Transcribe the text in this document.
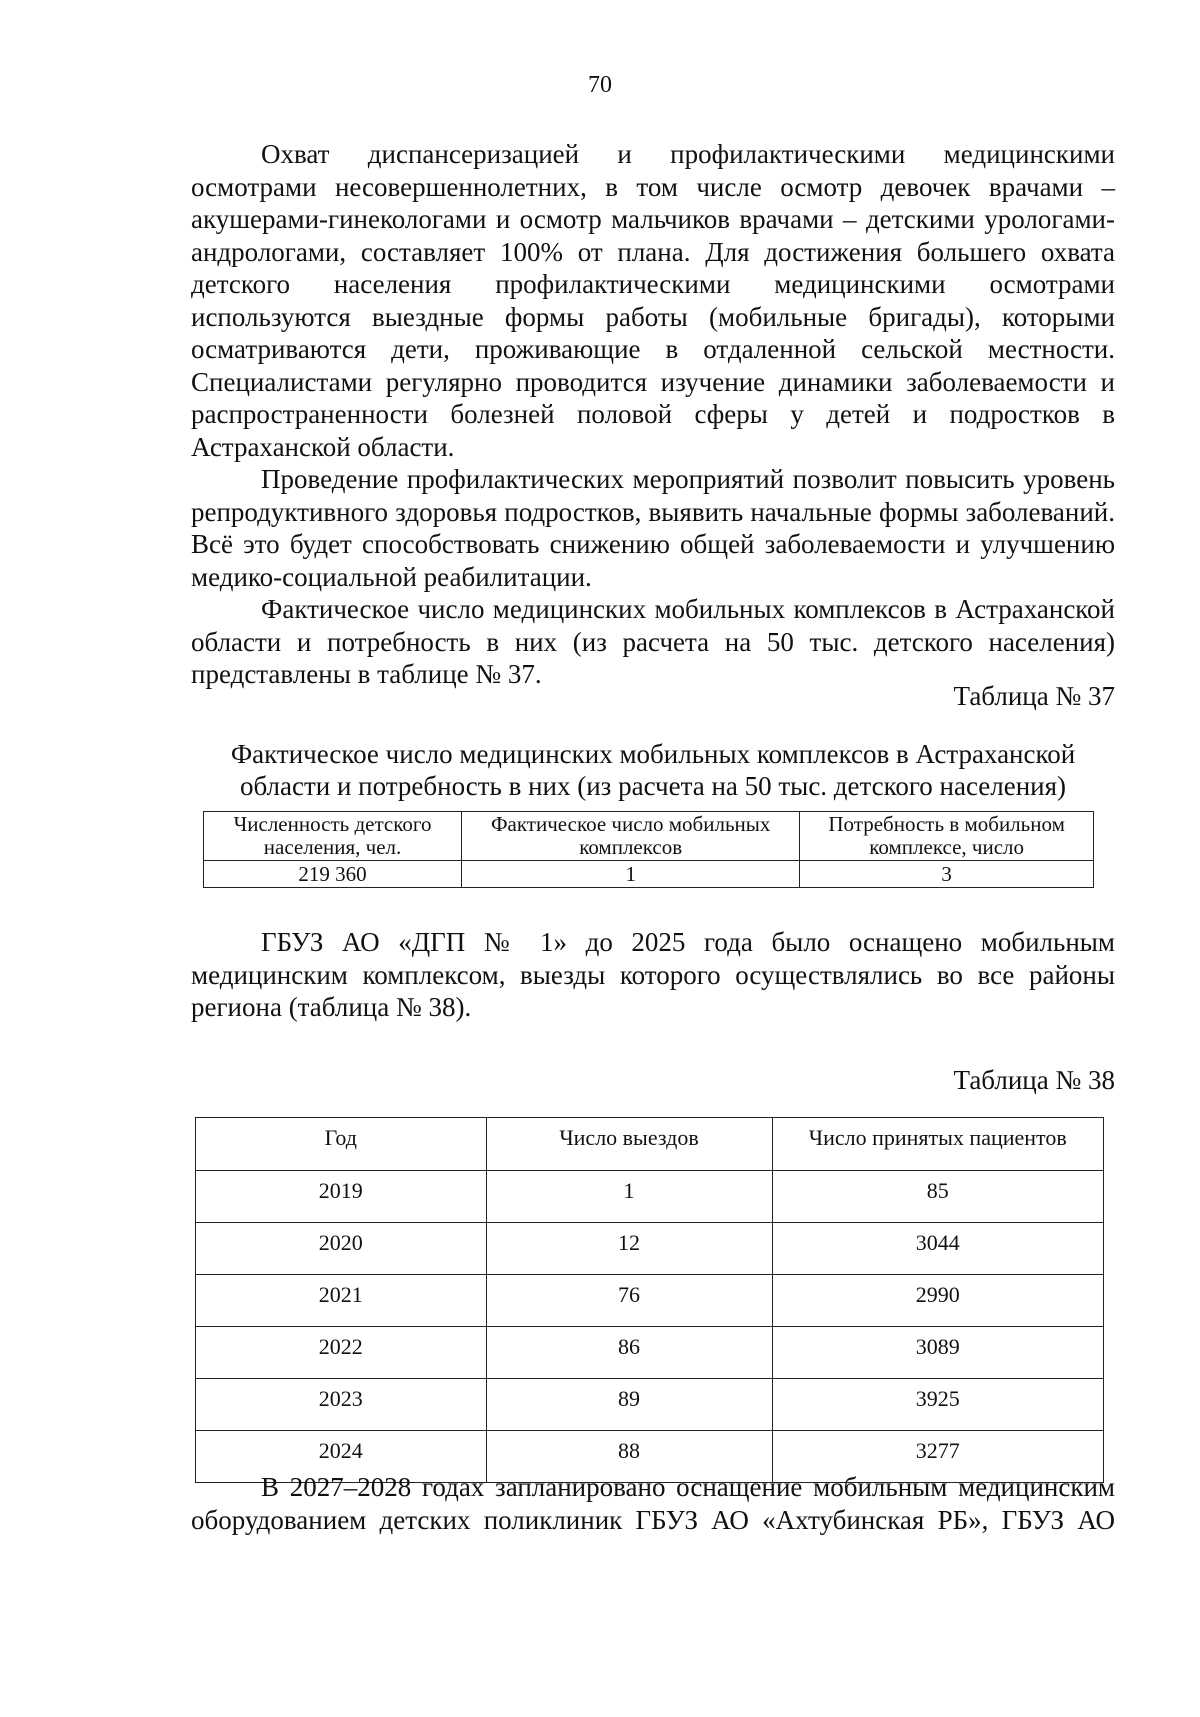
70

Охват диспансеризацией и профилактическими медицинскими осмотрами несовершеннолетних, в том числе осмотр девочек врачами – акушерами-гинекологами и осмотр мальчиков врачами – детскими урологами-андрологами, составляет 100% от плана. Для достижения большего охвата детского населения профилактическими медицинскими осмотрами используются выездные формы работы (мобильные бригады), которыми осматриваются дети, проживающие в отдаленной сельской местности. Специалистами регулярно проводится изучение динамики заболеваемости и распространенности болезней половой сферы у детей и подростков в Астраханской области.

Проведение профилактических мероприятий позволит повысить уровень репродуктивного здоровья подростков, выявить начальные формы заболеваний. Всё это будет способствовать снижению общей заболеваемости и улучшению медико-социальной реабилитации.

Фактическое число медицинских мобильных комплексов в Астраханской области и потребность в них (из расчета на 50 тыс. детского населения) представлены в таблице № 37.

Таблица № 37
Фактическое число медицинских мобильных комплексов в Астраханской
области и потребность в них (из расчета на 50 тыс. детского населения)
Численность детского населения, чел.	Фактическое число мобильных комплексов	Потребность в мобильном комплексе, число
219 360	1	3

ГБУЗ АО «ДГП № 1» до 2025 года было оснащено мобильным медицинским комплексом, выезды которого осуществлялись во все районы региона (таблица № 38).

Таблица № 38
Год	Число выездов	Число принятых пациентов
2019	1	85
2020	12	3044
2021	76	2990
2022	86	3089
2023	89	3925
2024	88	3277

В 2027–2028 годах запланировано оснащение мобильным медицинским оборудованием детских поликлиник ГБУЗ АО «Ахтубинская РБ», ГБУЗ АО
